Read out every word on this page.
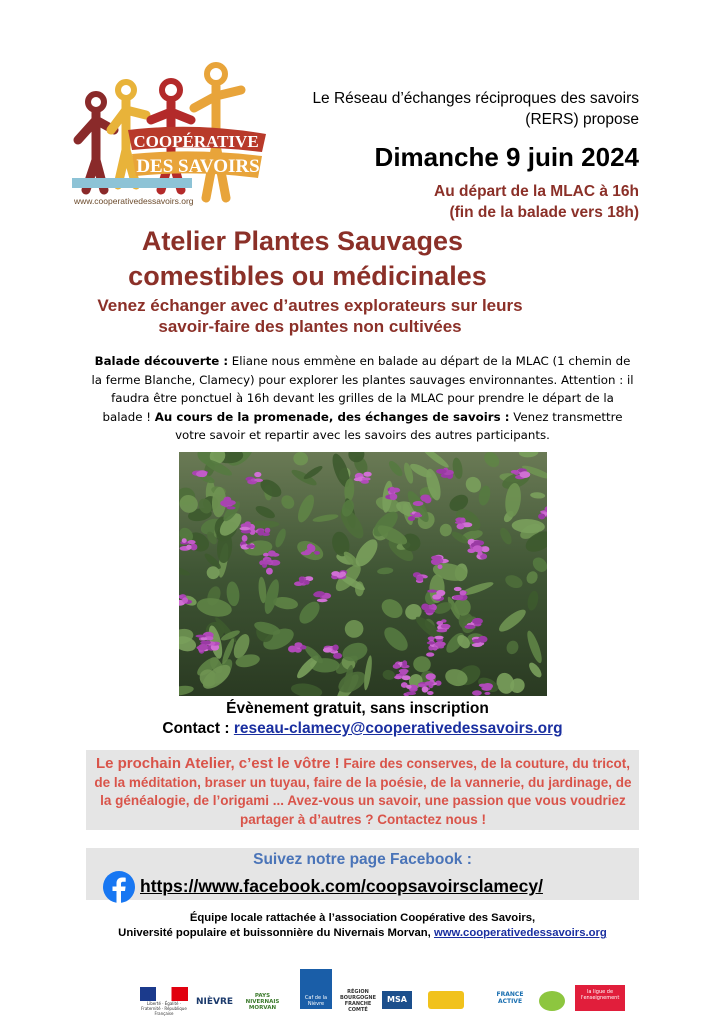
COOPÉRATIVE
DES SAVOIRS
www.cooperativedessavoirs.org
Le Réseau d’échanges réciproques des savoirs
(RERS) propose
Dimanche 9 juin 2024
Au départ de la MLAC à 16h
(fin de la balade vers 18h)
Atelier Plantes Sauvages
comestibles ou médicinales
Venez échanger avec d’autres explorateurs sur leurs
savoir-faire des plantes non cultivées
Balade découverte : Eliane nous emmène en balade au départ de la MLAC (1 chemin de la ferme Blanche, Clamecy) pour explorer les plantes sauvages environnantes. Attention : il faudra être ponctuel à 16h devant les grilles de la MLAC pour prendre le départ de la balade ! Au cours de la promenade, des échanges de savoirs : Venez transmettre votre savoir et repartir avec les savoirs des autres participants.
Évènement gratuit, sans inscription
Contact : reseau-clamecy@cooperativedessavoirs.org
Le prochain Atelier, c’est le vôtre ! Faire des conserves, de la couture, du tricot, de la méditation, braser un tuyau, faire de la poésie, de la vannerie, du jardinage, de la généalogie, de l’origami ... Avez-vous un savoir, une passion que vous voudriez partager à d’autres ? Contactez nous !
Suivez notre page Facebook :
https://www.facebook.com/coopsavoirsclamecy/
Équipe locale rattachée à l’association Coopérative des Savoirs,
Université populaire et buissonnière du Nivernais Morvan, www.cooperativedessavoirs.org
Liberté · Égalité · Fraternité · République Française
NIÈVRE
PAYS NIVERNAIS MORVAN
Caf de la Nièvre
RÉGION BOURGOGNE FRANCHE COMTÉ
MSA
FRANCE ACTIVE
la ligue de l'enseignement
